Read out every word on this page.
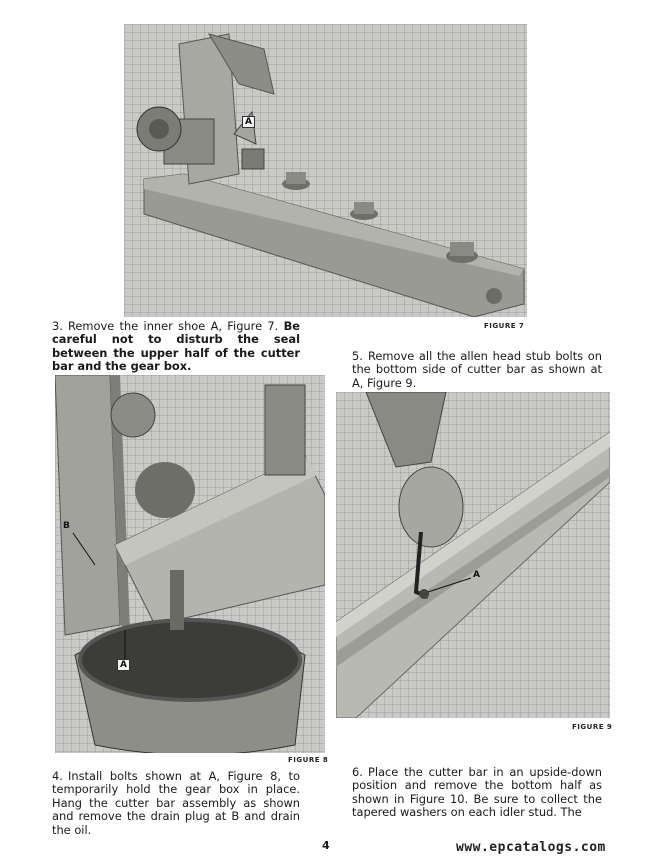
A
FIGURE 7

3. Remove the inner shoe A, Figure 7. Be careful not to disturb the seal between the upper half of the cutter bar and the gear box.

5. Remove all the allen head stub bolts on the bottom side of cutter bar as shown at A, Figure 9.

B
A
FIGURE 8
A
FIGURE 9

4. Install bolts shown at A, Figure 8, to temporarily hold the gear box in place. Hang the cutter bar assembly as shown and remove the drain plug at B and drain the oil.

6. Place the cutter bar in an upside-down position and remove the bottom half as shown in Figure 10. Be sure to collect the tapered washers on each idler stud. The

4	www.epcatalogs.com
